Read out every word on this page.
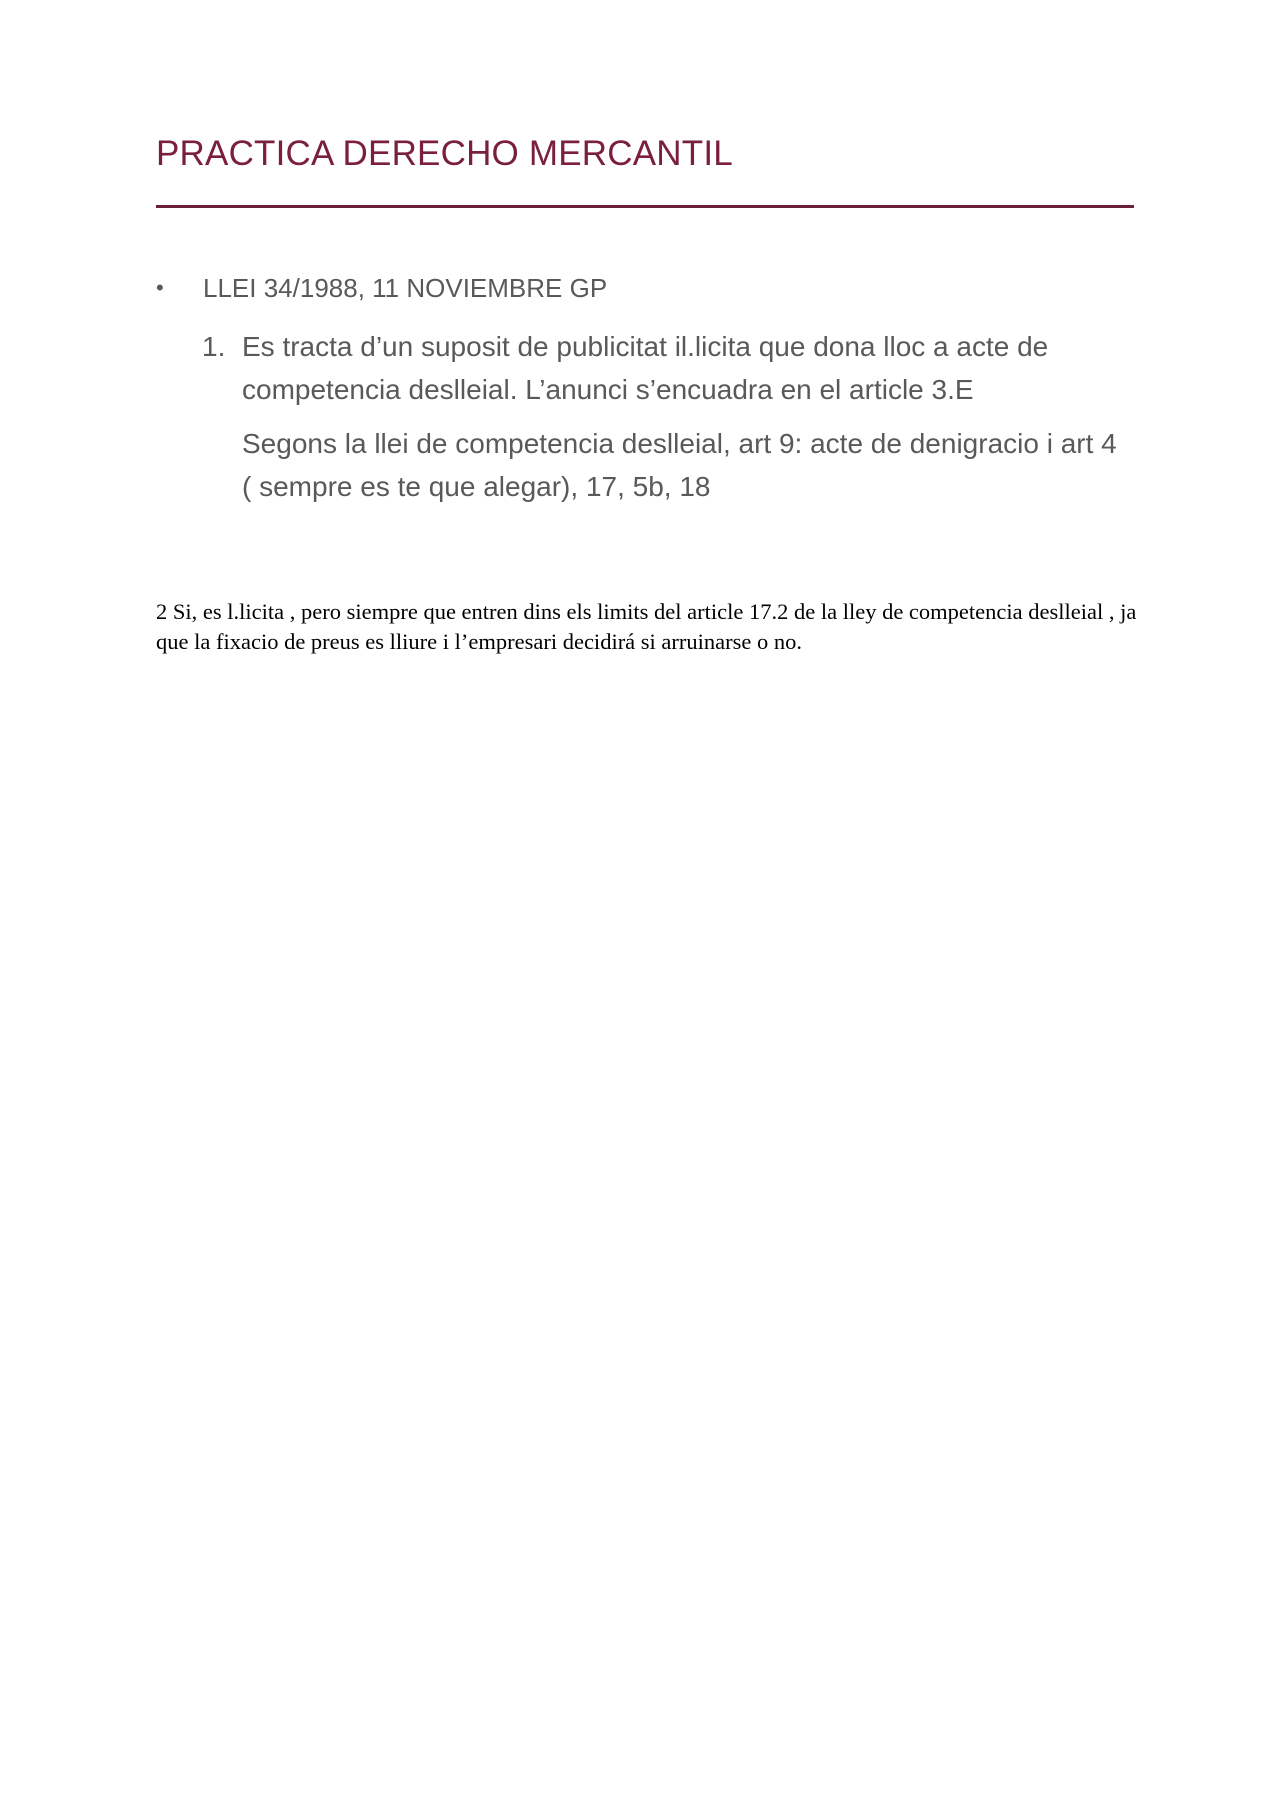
PRACTICA DERECHO MERCANTIL
•	LLEI 34/1988, 11 NOVIEMBRE GP
1. Es tracta d’un suposit de publicitat il.licita que dona lloc a acte de competencia deslleial. L’anunci s’encuadra en el article 3.E

Segons la llei de competencia deslleial, art 9: acte de denigracio i art 4 ( sempre es te que alegar), 17, 5b, 18

2 Si, es l.licita , pero siempre que entren dins els limits del article 17.2 de la lley de competencia deslleial , ja que la fixacio de preus es lliure i l’empresari decidirá si arruinarse o no.
